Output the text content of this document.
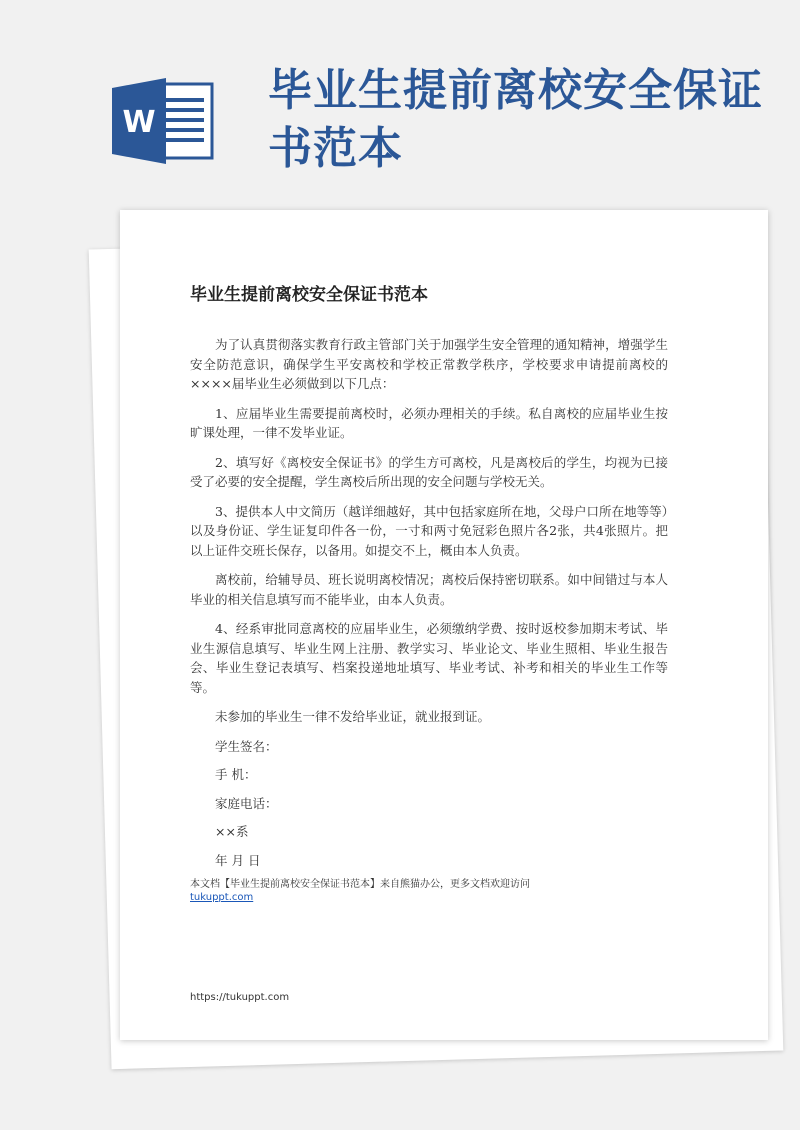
W
毕业生提前离校安全保证书范本
毕业生提前离校安全保证书范本

为了认真贯彻落实教育行政主管部门关于加强学生安全管理的通知精神，增强学生安全防范意识，确保学生平安离校和学校正常教学秩序，学校要求申请提前离校的××××届毕业生必须做到以下几点：

1、应届毕业生需要提前离校时，必须办理相关的手续。私自离校的应届毕业生按旷课处理，一律不发毕业证。

2、填写好《离校安全保证书》的学生方可离校，凡是离校后的学生，均视为已接受了必要的安全提醒，学生离校后所出现的安全问题与学校无关。

3、提供本人中文简历（越详细越好，其中包括家庭所在地，父母户口所在地等等）以及身份证、学生证复印件各一份，一寸和两寸免冠彩色照片各2张，共4张照片。把以上证件交班长保存，以备用。如提交不上，概由本人负责。

离校前，给辅导员、班长说明离校情况；离校后保持密切联系。如中间错过与本人毕业的相关信息填写而不能毕业，由本人负责。

4、经系审批同意离校的应届毕业生，必须缴纳学费、按时返校参加期末考试、毕业生源信息填写、毕业生网上注册、教学实习、毕业论文、毕业生照相、毕业生报告会、毕业生登记表填写、档案投递地址填写、毕业考试、补考和相关的毕业生工作等等。

未参加的毕业生一律不发给毕业证，就业报到证。

学生签名：
手 机：
家庭电话：
××系
年 月 日
本文档【毕业生提前离校安全保证书范本】来自熊猫办公，更多文档欢迎访问
tukuppt.com
https://tukuppt.com
